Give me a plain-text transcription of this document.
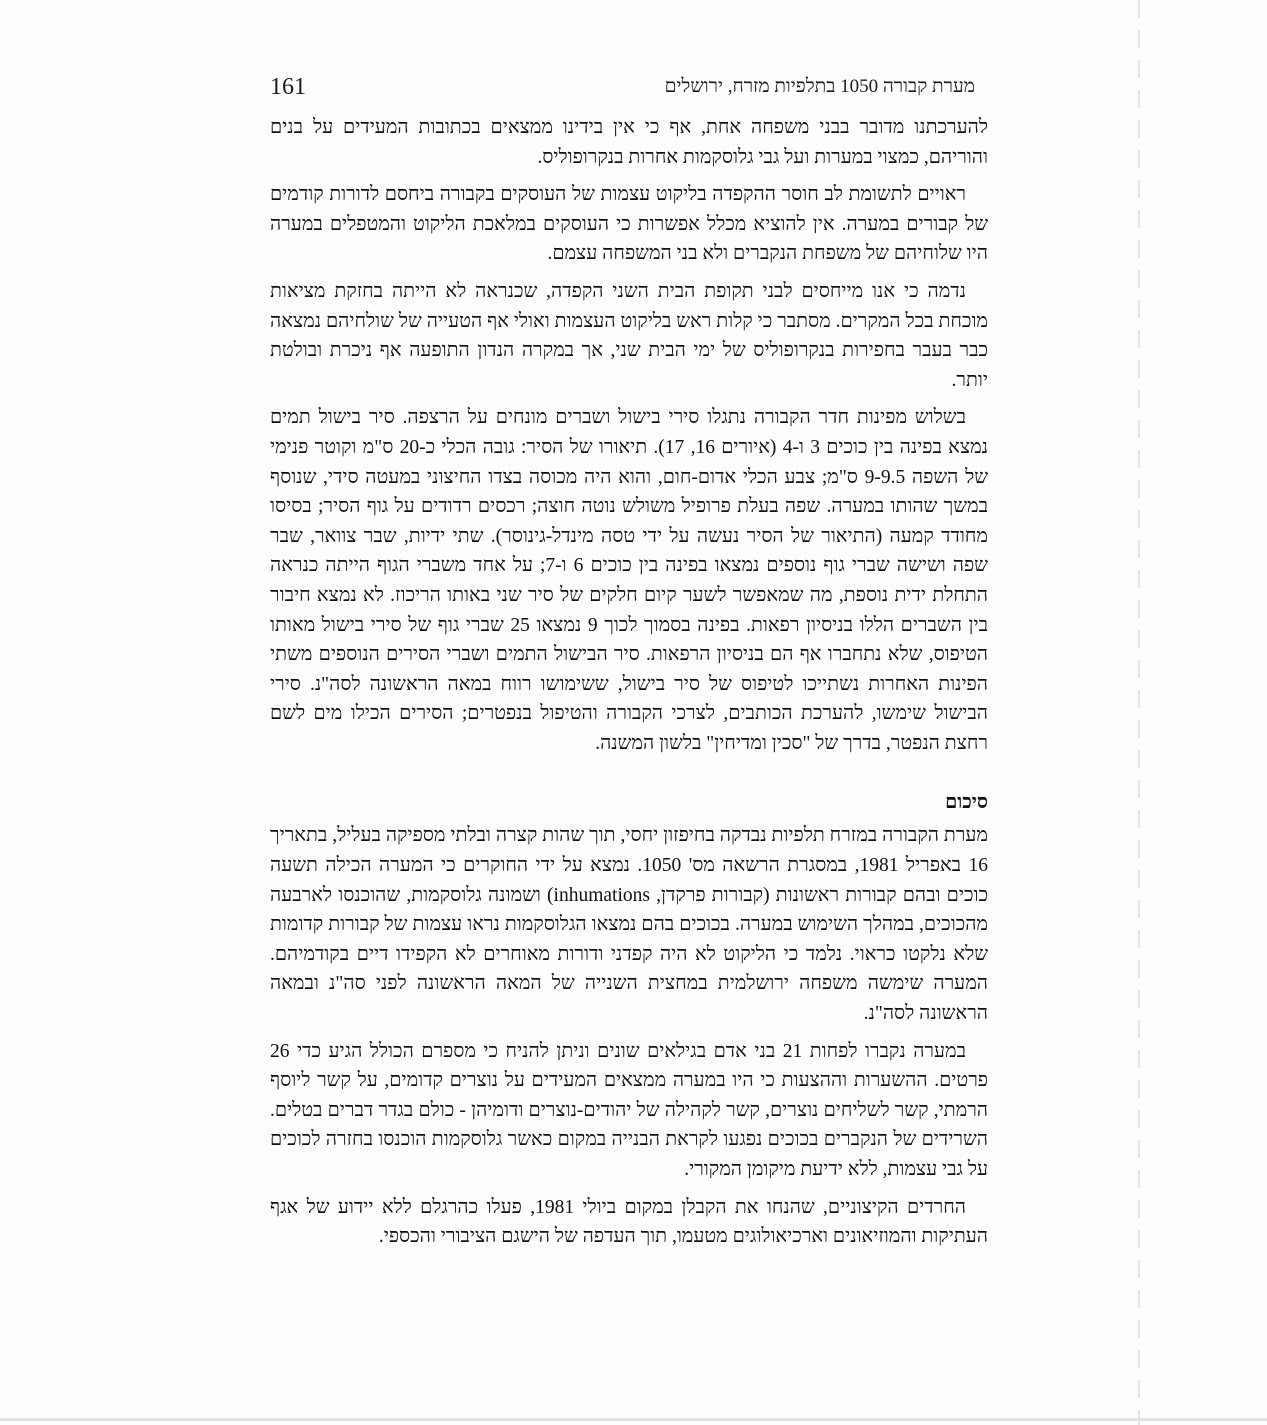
161	מערת קבורה 1050 בתלפיות מזרח, ירושלים

להערכתנו מדובר בבני משפחה אחת, אף כי אין בידינו ממצאים בכתובות המעידים על בנים והוריהם, כמצוי במערות ועל גבי גלוסקמות אחרות בנקרופוליס.

ראויים לתשומת לב חוסר ההקפדה בליקוט עצמות של העוסקים בקבורה ביחסם לדורות קודמים של קבורים במערה. אין להוציא מכלל אפשרות כי העוסקים במלאכת הליקוט והמטפלים במערה היו שלוחיהם של משפחת הנקברים ולא בני המשפחה עצמם.

נדמה כי אנו מייחסים לבני תקופת הבית השני הקפדה, שכנראה לא הייתה בחזקת מציאות מוכחת בכל המקרים. מסתבר כי קלות ראש בליקוט העצמות ואולי אף הטעייה של שולחיהם נמצאה כבר בעבר בחפירות בנקרופוליס של ימי הבית שני, אך במקרה הנדון התופעה אף ניכרת ובולטת יותר.

בשלוש מפינות חדר הקבורה נתגלו סירי בישול ושברים מונחים על הרצפה. סיר בישול תמים נמצא בפינה בין כוכים 3 ו-4 (איורים 16, 17). תיאורו של הסיר: גובה הכלי כ-20 ס"מ וקוטר פנימי של השפה 9-9.5 ס"מ; צבע הכלי אדום-חום, והוא היה מכוסה בצדו החיצוני במעטה סידי, שנוסף במשך שהותו במערה. שפה בעלת פרופיל משולש נוטה חוצה; רכסים רדודים על גוף הסיר; בסיסו מחודד קמעה (התיאור של הסיר נעשה על ידי טסה מינדל-גינוסר). שתי ידיות, שבר צוואר, שבר שפה ושישה שברי גוף נוספים נמצאו בפינה בין כוכים 6 ו-7; על אחד משברי הגוף הייתה כנראה התחלת ידית נוספת, מה שמאפשר לשער קיום חלקים של סיר שני באותו הריכוז. לא נמצא חיבור בין השברים הללו בניסיון רפאות. בפינה בסמוך לכוך 9 נמצאו 25 שברי גוף של סירי בישול מאותו הטיפוס, שלא נתחברו אף הם בניסיון הרפאות. סיר הבישול התמים ושברי הסירים הנוספים משתי הפינות האחרות נשתייכו לטיפוס של סיר בישול, ששימושו רווח במאה הראשונה לסה"נ. סירי הבישול שימשו, להערכת הכותבים, לצרכי הקבורה והטיפול בנפטרים; הסירים הכילו מים לשם רחצת הנפטר, בדרך של "סכין ומדיחין" בלשון המשנה.

סיכום

מערת הקבורה במזרח תלפיות נבדקה בחיפזון יחסי, תוך שהות קצרה ובלתי מספיקה בעליל, בתאריך 16 באפריל 1981, במסגרת הרשאה מס' 1050. נמצא על ידי החוקרים כי המערה הכילה תשעה כוכים ובהם קבורות ראשונות (קבורות פרקדן, inhumations) ושמונה גלוסקמות, שהוכנסו לארבעה מהכוכים, במהלך השימוש במערה. בכוכים בהם נמצאו הגלוסקמות נראו עצמות של קבורות קדומות שלא נלקטו כראוי. נלמד כי הליקוט לא היה קפדני ודורות מאוחרים לא הקפידו דיים בקודמיהם. המערה שימשה משפחה ירושלמית במחצית השנייה של המאה הראשונה לפני סה"נ ובמאה הראשונה לסה"נ.

במערה נקברו לפחות 21 בני אדם בגילאים שונים וניתן להניח כי מספרם הכולל הגיע כדי 26 פרטים. ההשערות וההצעות כי היו במערה ממצאים המעידים על נוצרים קדומים, על קשר ליוסף הרמתי, קשר לשליחים נוצרים, קשר לקהילה של יהודים-נוצרים ודומיהן - כולם בגדר דברים בטלים. השרידים של הנקברים בכוכים נפגעו לקראת הבנייה במקום כאשר גלוסקמות הוכנסו בחזרה לכוכים על גבי עצמות, ללא ידיעת מיקומן המקורי.

החרדים הקיצוניים, שהנחו את הקבלן במקום ביולי 1981, פעלו כהרגלם ללא יידוע של אגף העתיקות והמוזיאונים וארכיאולוגים מטעמו, תוך העדפה של הישגם הציבורי והכספי.
